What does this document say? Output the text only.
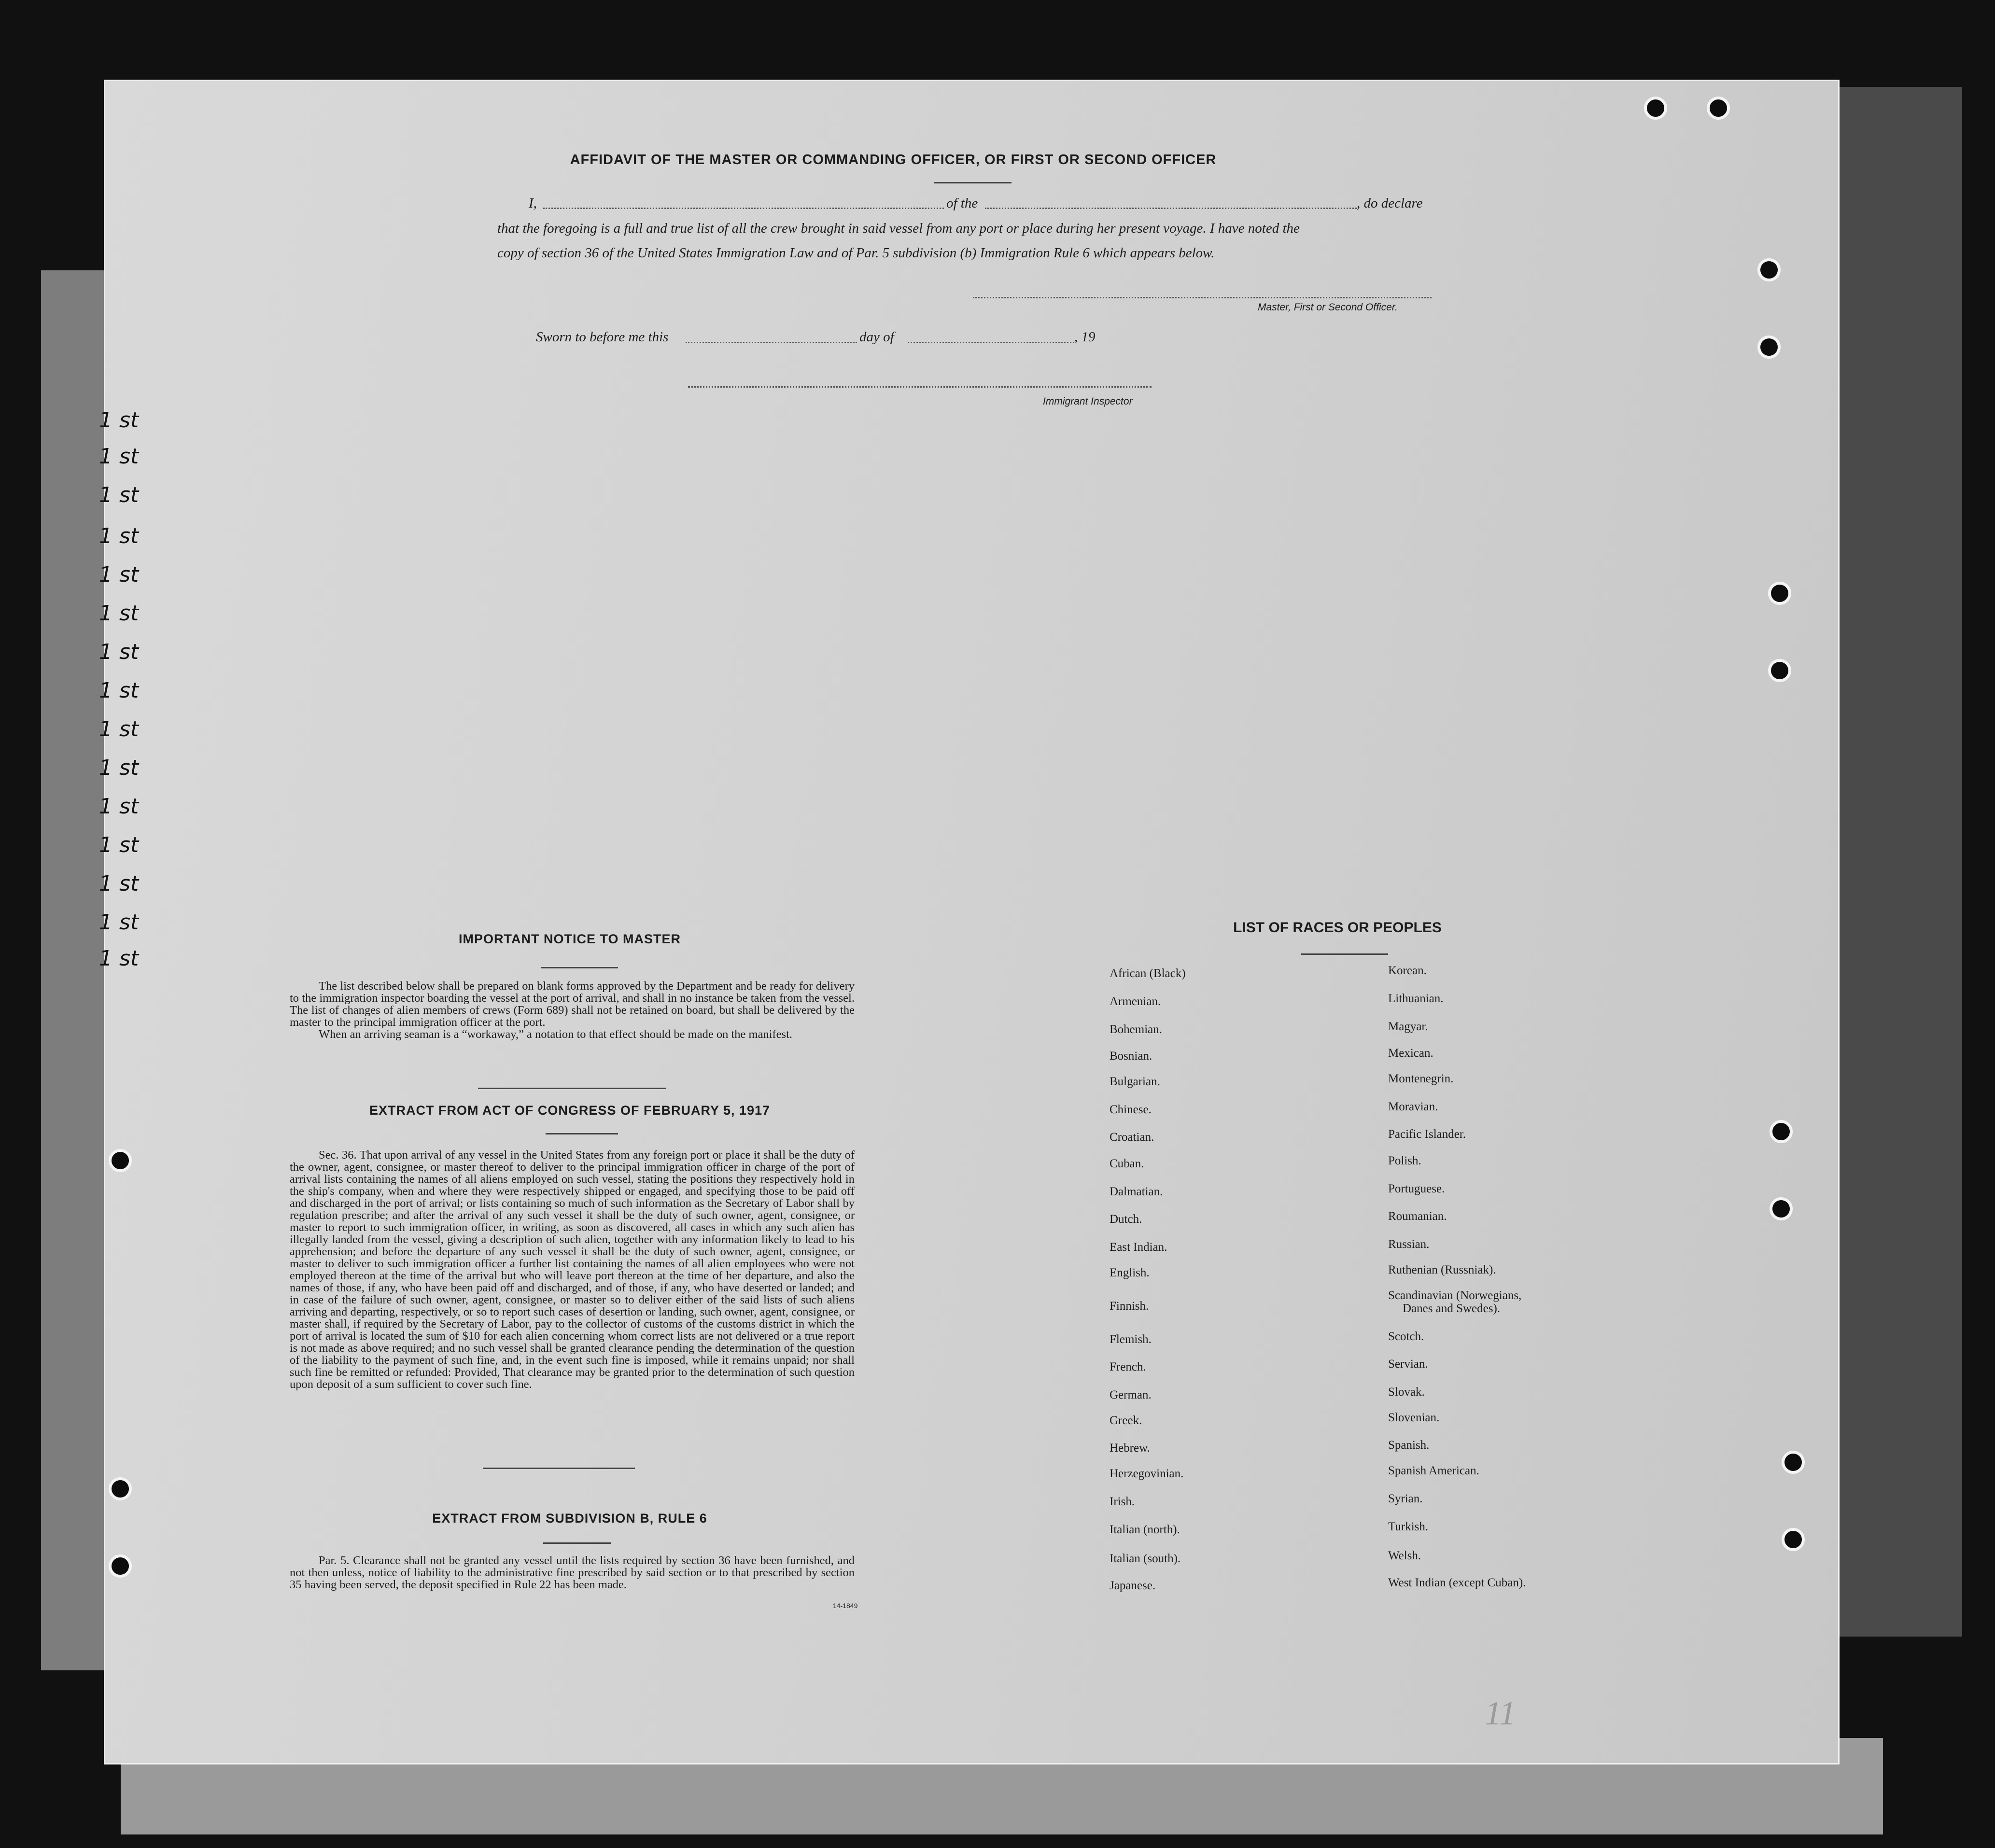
1 st
1 st
1 st
1 st
1 st
1 st
1 st
1 st
1 st
1 st
1 st
1 st
1 st
1 st
1 st
AFFIDAVIT OF THE MASTER OR COMMANDING OFFICER, OR FIRST OR SECOND OFFICER
I,	of the	, do declare
that the foregoing is a full and true list of all the crew brought in said vessel from any port or place during her present voyage. I have noted the
copy of section 36 of the United States Immigration Law and of Par. 5 subdivision (b) Immigration Rule 6 which appears below.
Master, First or Second Officer.
Sworn to before me this	day of	, 19
Immigrant Inspector
IMPORTANT NOTICE TO MASTER

The list described below shall be prepared on blank forms approved by the Department and be ready for delivery to the immigration inspector boarding the vessel at the port of arrival, and shall in no instance be taken from the vessel. The list of changes of alien members of crews (Form 689) shall not be retained on board, but shall be delivered by the master to the principal immigration officer at the port.

When an arriving seaman is a “workaway,” a notation to that effect should be made on the manifest.

EXTRACT FROM ACT OF CONGRESS OF FEBRUARY 5, 1917

Sec. 36. That upon arrival of any vessel in the United States from any foreign port or place it shall be the duty of the owner, agent, consignee, or master thereof to deliver to the principal immigration officer in charge of the port of arrival lists containing the names of all aliens employed on such vessel, stating the positions they respectively hold in the ship's company, when and where they were respectively shipped or engaged, and specifying those to be paid off and discharged in the port of arrival; or lists containing so much of such information as the Secretary of Labor shall by regulation prescribe; and after the arrival of any such vessel it shall be the duty of such owner, agent, consignee, or master to report to such immigration officer, in writing, as soon as discovered, all cases in which any such alien has illegally landed from the vessel, giving a description of such alien, together with any information likely to lead to his apprehension; and before the departure of any such vessel it shall be the duty of such owner, agent, consignee, or master to deliver to such immigration officer a further list containing the names of all alien employees who were not employed thereon at the time of the arrival but who will leave port thereon at the time of her departure, and also the names of those, if any, who have been paid off and discharged, and of those, if any, who have deserted or landed; and in case of the failure of such owner, agent, consignee, or master so to deliver either of the said lists of such aliens arriving and departing, respectively, or so to report such cases of desertion or landing, such owner, agent, consignee, or master shall, if required by the Secretary of Labor, pay to the collector of customs of the customs district in which the port of arrival is located the sum of $10 for each alien concerning whom correct lists are not delivered or a true report is not made as above required; and no such vessel shall be granted clearance pending the determination of the question of the liability to the payment of such fine, and, in the event such fine is imposed, while it remains unpaid; nor shall such fine be remitted or refunded: Provided, That clearance may be granted prior to the determination of such question upon deposit of a sum sufficient to cover such fine.

EXTRACT FROM SUBDIVISION B, RULE 6

Par. 5. Clearance shall not be granted any vessel until the lists required by section 36 have been furnished, and not then unless, notice of liability to the administrative fine prescribed by said section or to that prescribed by section 35 having been served, the deposit specified in Rule 22 has been made.

14-1849
LIST OF RACES OR PEOPLES
African (Black)
Armenian.
Bohemian.
Bosnian.
Bulgarian.
Chinese.
Croatian.
Cuban.
Dalmatian.
Dutch.
East Indian.
English.
Finnish.
Flemish.
French.
German.
Greek.
Hebrew.
Herzegovinian.
Irish.
Italian (north).
Italian (south).
Japanese.
Korean.
Lithuanian.
Magyar.
Mexican.
Montenegrin.
Moravian.
Pacific Islander.
Polish.
Portuguese.
Roumanian.
Russian.
Ruthenian (Russniak).
Scandinavian (Norwegians,
Danes and Swedes).
Scotch.
Servian.
Slovak.
Slovenian.
Spanish.
Spanish American.
Syrian.
Turkish.
Welsh.
West Indian (except Cuban).
11
